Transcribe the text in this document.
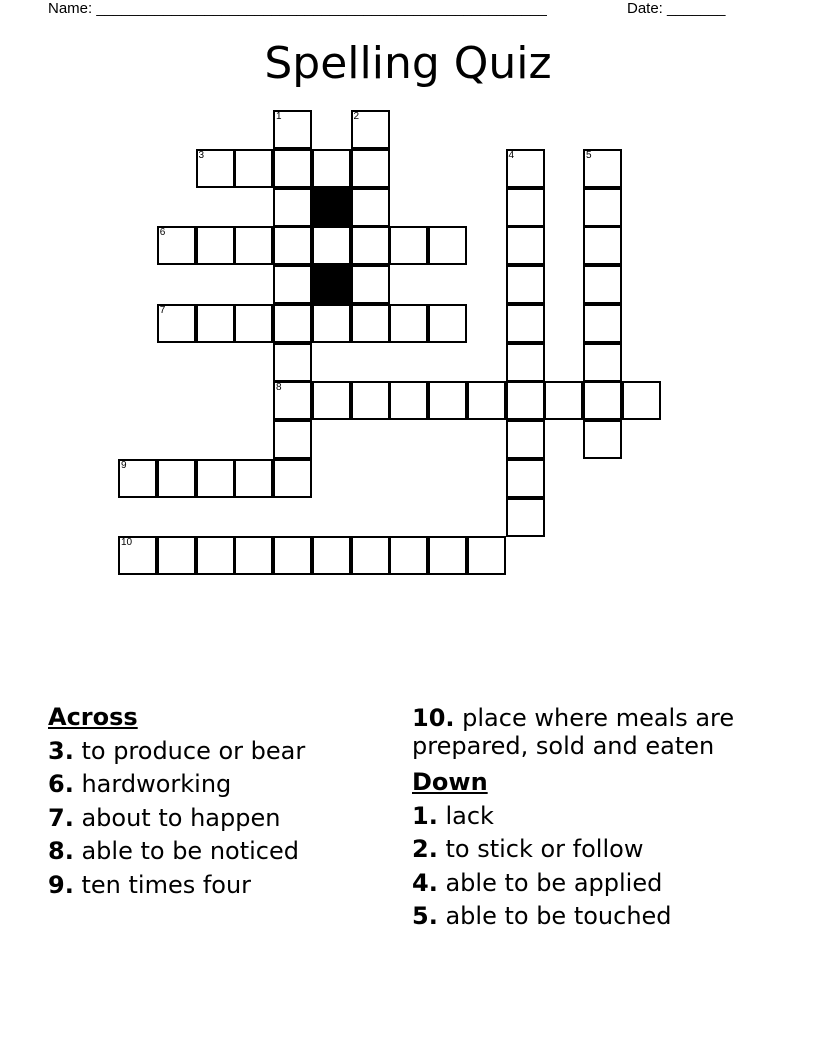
Name: ______________________________________________________	Date: _______
Spelling Quiz
1	2
3	4	5
6
7
8
9
10
Across
3. to produce or bear
6. hardworking
7. about to happen
8. able to be noticed
9. ten times four
10. place where meals are prepared, sold and eaten
Down
1. lack
2. to stick or follow
4. able to be applied
5. able to be touched
